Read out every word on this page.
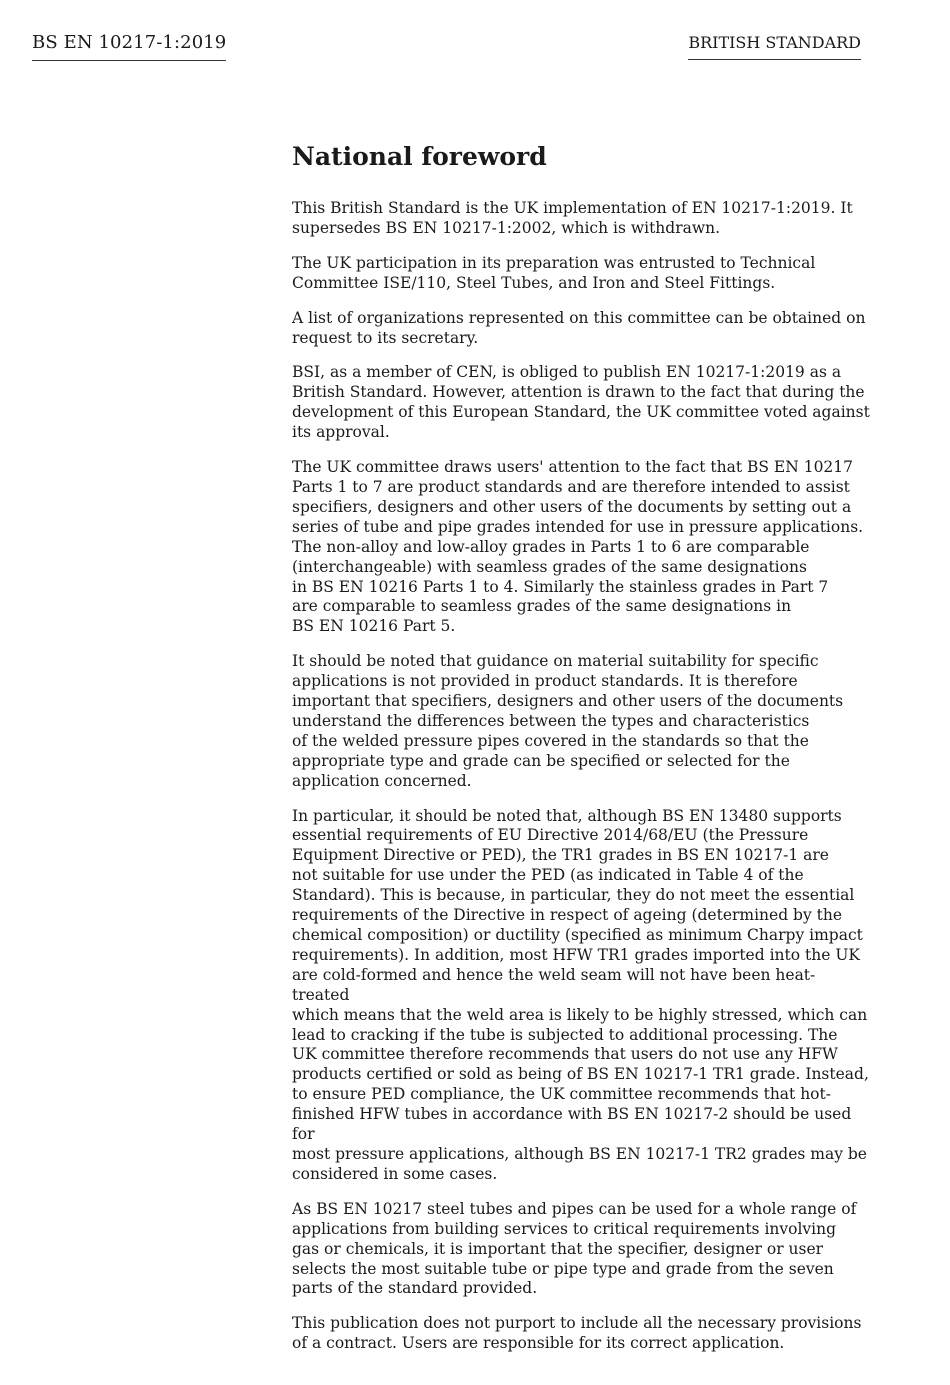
BS EN 10217-1:2019	BRITISH STANDARD
National foreword

This British Standard is the UK implementation of EN 10217-1:2019. It
supersedes BS EN 10217-1:2002, which is withdrawn.

The UK participation in its preparation was entrusted to Technical
Committee ISE/110, Steel Tubes, and Iron and Steel Fittings.

A list of organizations represented on this committee can be obtained on
request to its secretary.

BSI, as a member of CEN, is obliged to publish EN 10217-1:2019 as a
British Standard. However, attention is drawn to the fact that during the
development of this European Standard, the UK committee voted against
its approval.

The UK committee draws users' attention to the fact that BS EN 10217
Parts 1 to 7 are product standards and are therefore intended to assist
specifiers, designers and other users of the documents by setting out a
series of tube and pipe grades intended for use in pressure applications.
The non-alloy and low-alloy grades in Parts 1 to 6 are comparable
(interchangeable) with seamless grades of the same designations
in BS EN 10216 Parts 1 to 4. Similarly the stainless grades in Part 7
are comparable to seamless grades of the same designations in
BS EN 10216 Part 5.

It should be noted that guidance on material suitability for specific
applications is not provided in product standards. It is therefore
important that specifiers, designers and other users of the documents
understand the differences between the types and characteristics
of the welded pressure pipes covered in the standards so that the
appropriate type and grade can be specified or selected for the
application concerned.

In particular, it should be noted that, although BS EN 13480 supports
essential requirements of EU Directive 2014/68/EU (the Pressure
Equipment Directive or PED), the TR1 grades in BS EN 10217-1 are
not suitable for use under the PED (as indicated in Table 4 of the
Standard). This is because, in particular, they do not meet the essential
requirements of the Directive in respect of ageing (determined by the
chemical composition) or ductility (specified as minimum Charpy impact
requirements). In addition, most HFW TR1 grades imported into the UK
are cold-formed and hence the weld seam will not have been heat-treated
which means that the weld area is likely to be highly stressed, which can
lead to cracking if the tube is subjected to additional processing. The
UK committee therefore recommends that users do not use any HFW
products certified or sold as being of BS EN 10217-1 TR1 grade. Instead,
to ensure PED compliance, the UK committee recommends that hot-
finished HFW tubes in accordance with BS EN 10217-2 should be used for
most pressure applications, although BS EN 10217-1 TR2 grades may be
considered in some cases.

As BS EN 10217 steel tubes and pipes can be used for a whole range of
applications from building services to critical requirements involving
gas or chemicals, it is important that the specifier, designer or user
selects the most suitable tube or pipe type and grade from the seven
parts of the standard provided.

This publication does not purport to include all the necessary provisions
of a contract. Users are responsible for its correct application.
